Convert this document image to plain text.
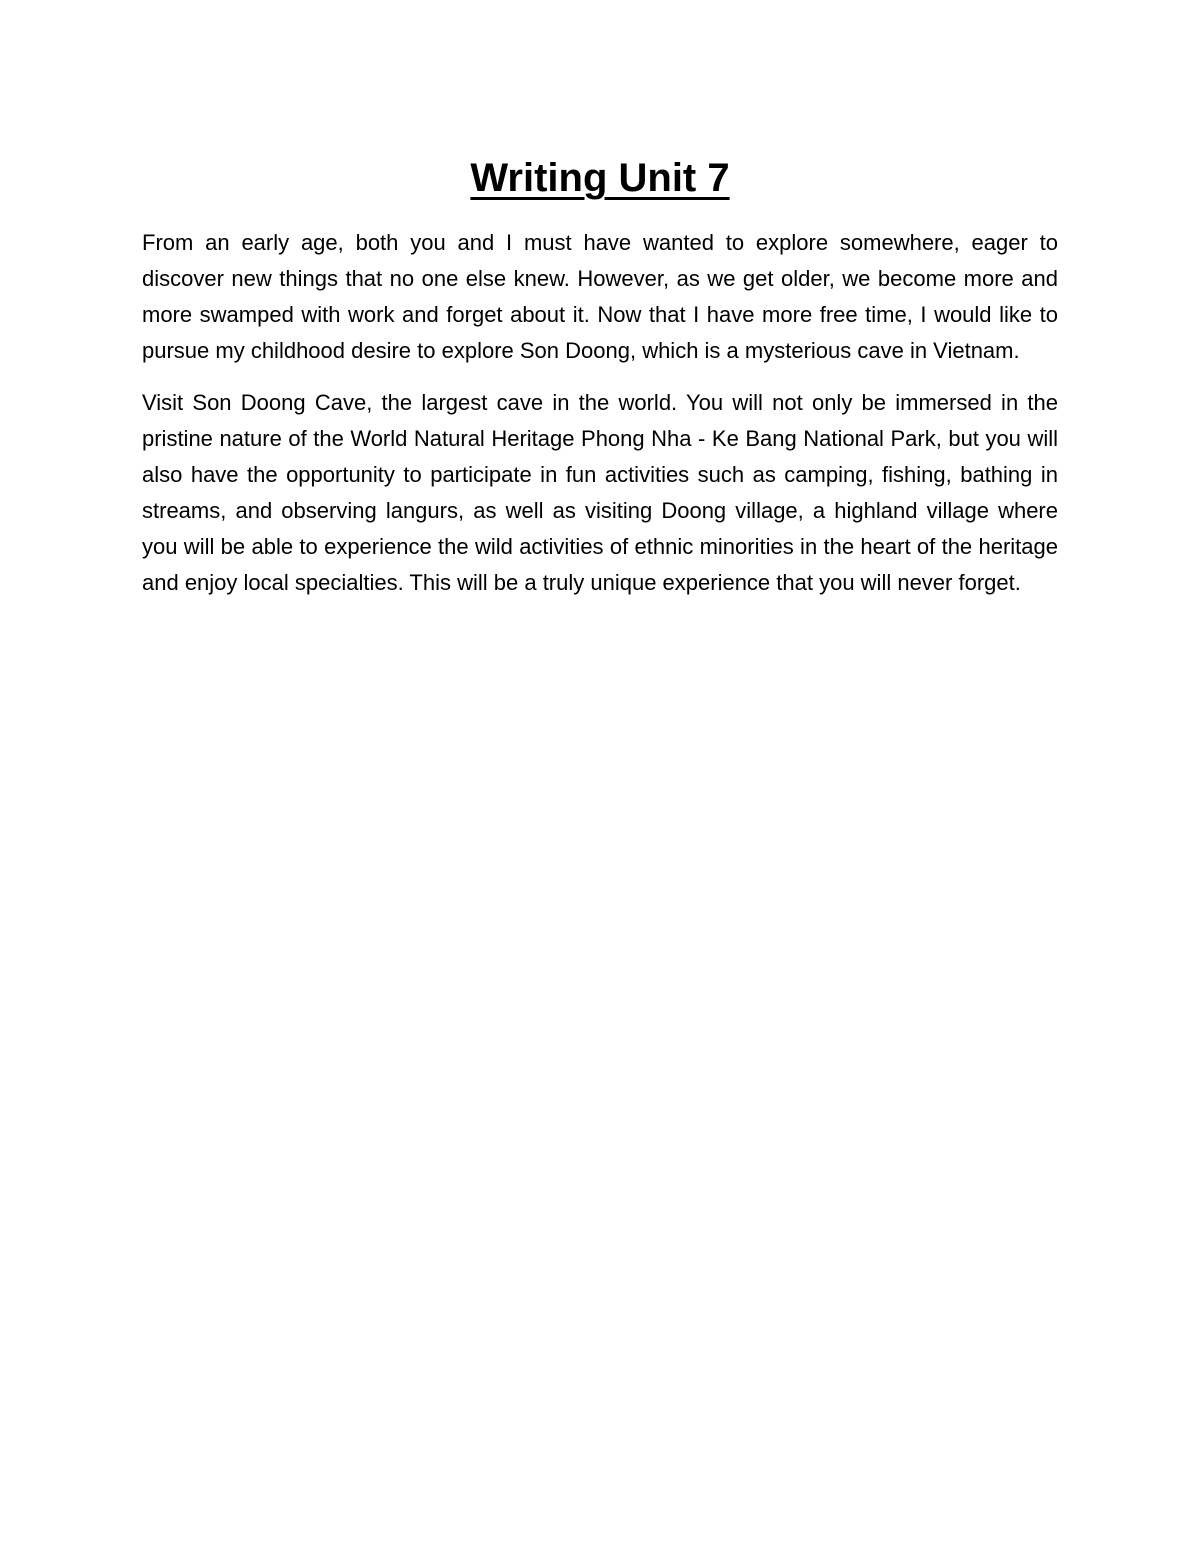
Writing Unit 7

From an early age, both you and I must have wanted to explore somewhere, eager to discover new things that no one else knew. However, as we get older, we become more and more swamped with work and forget about it. Now that I have more free time, I would like to pursue my childhood desire to explore Son Doong, which is a mysterious cave in Vietnam.

Visit Son Doong Cave, the largest cave in the world. You will not only be immersed in the pristine nature of the World Natural Heritage Phong Nha - Ke Bang National Park, but you will also have the opportunity to participate in fun activities such as camping, fishing, bathing in streams, and observing langurs, as well as visiting Doong village, a highland village where you will be able to experience the wild activities of ethnic minorities in the heart of the heritage and enjoy local specialties. This will be a truly unique experience that you will never forget.
